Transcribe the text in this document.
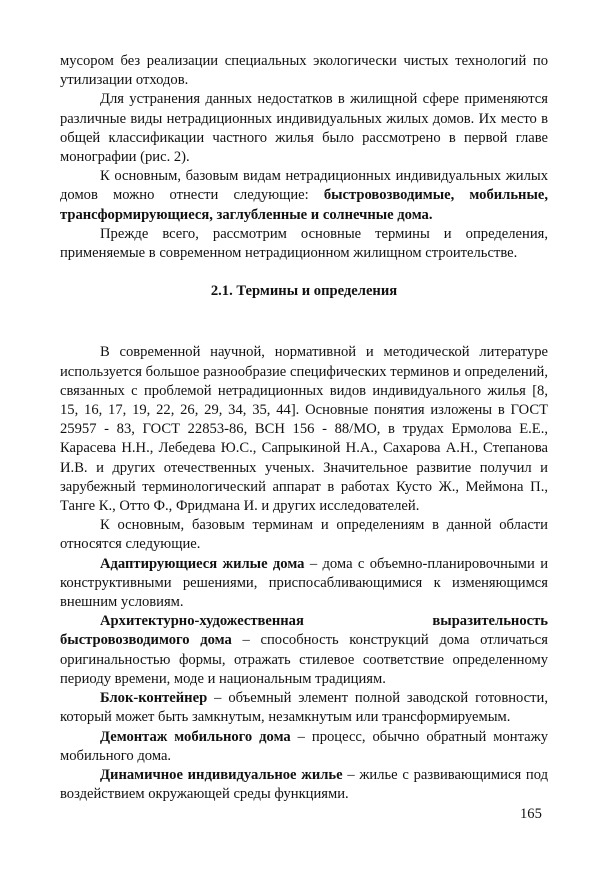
мусором без реализации специальных экологически чистых технологий по утилизации отходов.

Для устранения данных недостатков в жилищной сфере применяются различные виды нетрадиционных индивидуальных жилых домов. Их место в общей классификации частного жилья было рассмотрено в первой главе монографии (рис. 2).

К основным, базовым видам нетрадиционных индивидуальных жилых домов можно отнести следующие: быстровозводимые, мобильные, трансформирующиеся, заглубленные и солнечные дома.

Прежде всего, рассмотрим основные термины и определения, применяемые в современном нетрадиционном жилищном строительстве.

2.1. Термины и определения

В современной научной, нормативной и методической литературе используется большое разнообразие специфических терминов и определений, связанных с проблемой нетрадиционных видов индивидуального жилья [8, 15, 16, 17, 19, 22, 26, 29, 34, 35, 44]. Основные понятия изложены в ГОСТ 25957 - 83, ГОСТ 22853-86, ВСН 156 - 88/МО, в трудах Ермолова Е.Е., Карасева Н.Н., Лебедева Ю.С., Сапрыкиной Н.А., Сахарова А.Н., Степанова И.В. и других отечественных ученых. Значительное развитие получил и зарубежный терминологический аппарат в работах Кусто Ж., Меймона П., Танге К., Отто Ф., Фридмана И. и других исследователей.

К основным, базовым терминам и определениям в данной области относятся следующие.

Адаптирующиеся жилые дома – дома с объемно-планировочными и конструктивными решениями, приспосабливающимися к изменяющимся внешним условиям.

Архитектурно-художественная выразительность быстровозводимого дома – способность конструкций дома отличаться оригинальностью формы, отражать стилевое соответствие определенному периоду времени, моде и национальным традициям.

Блок-контейнер – объемный элемент полной заводской готовности, который может быть замкнутым, незамкнутым или трансформируемым.

Демонтаж мобильного дома – процесс, обычно обратный монтажу мобильного дома.

Динамичное индивидуальное жилье – жилье с развивающимися под воздействием окружающей среды функциями.

165
